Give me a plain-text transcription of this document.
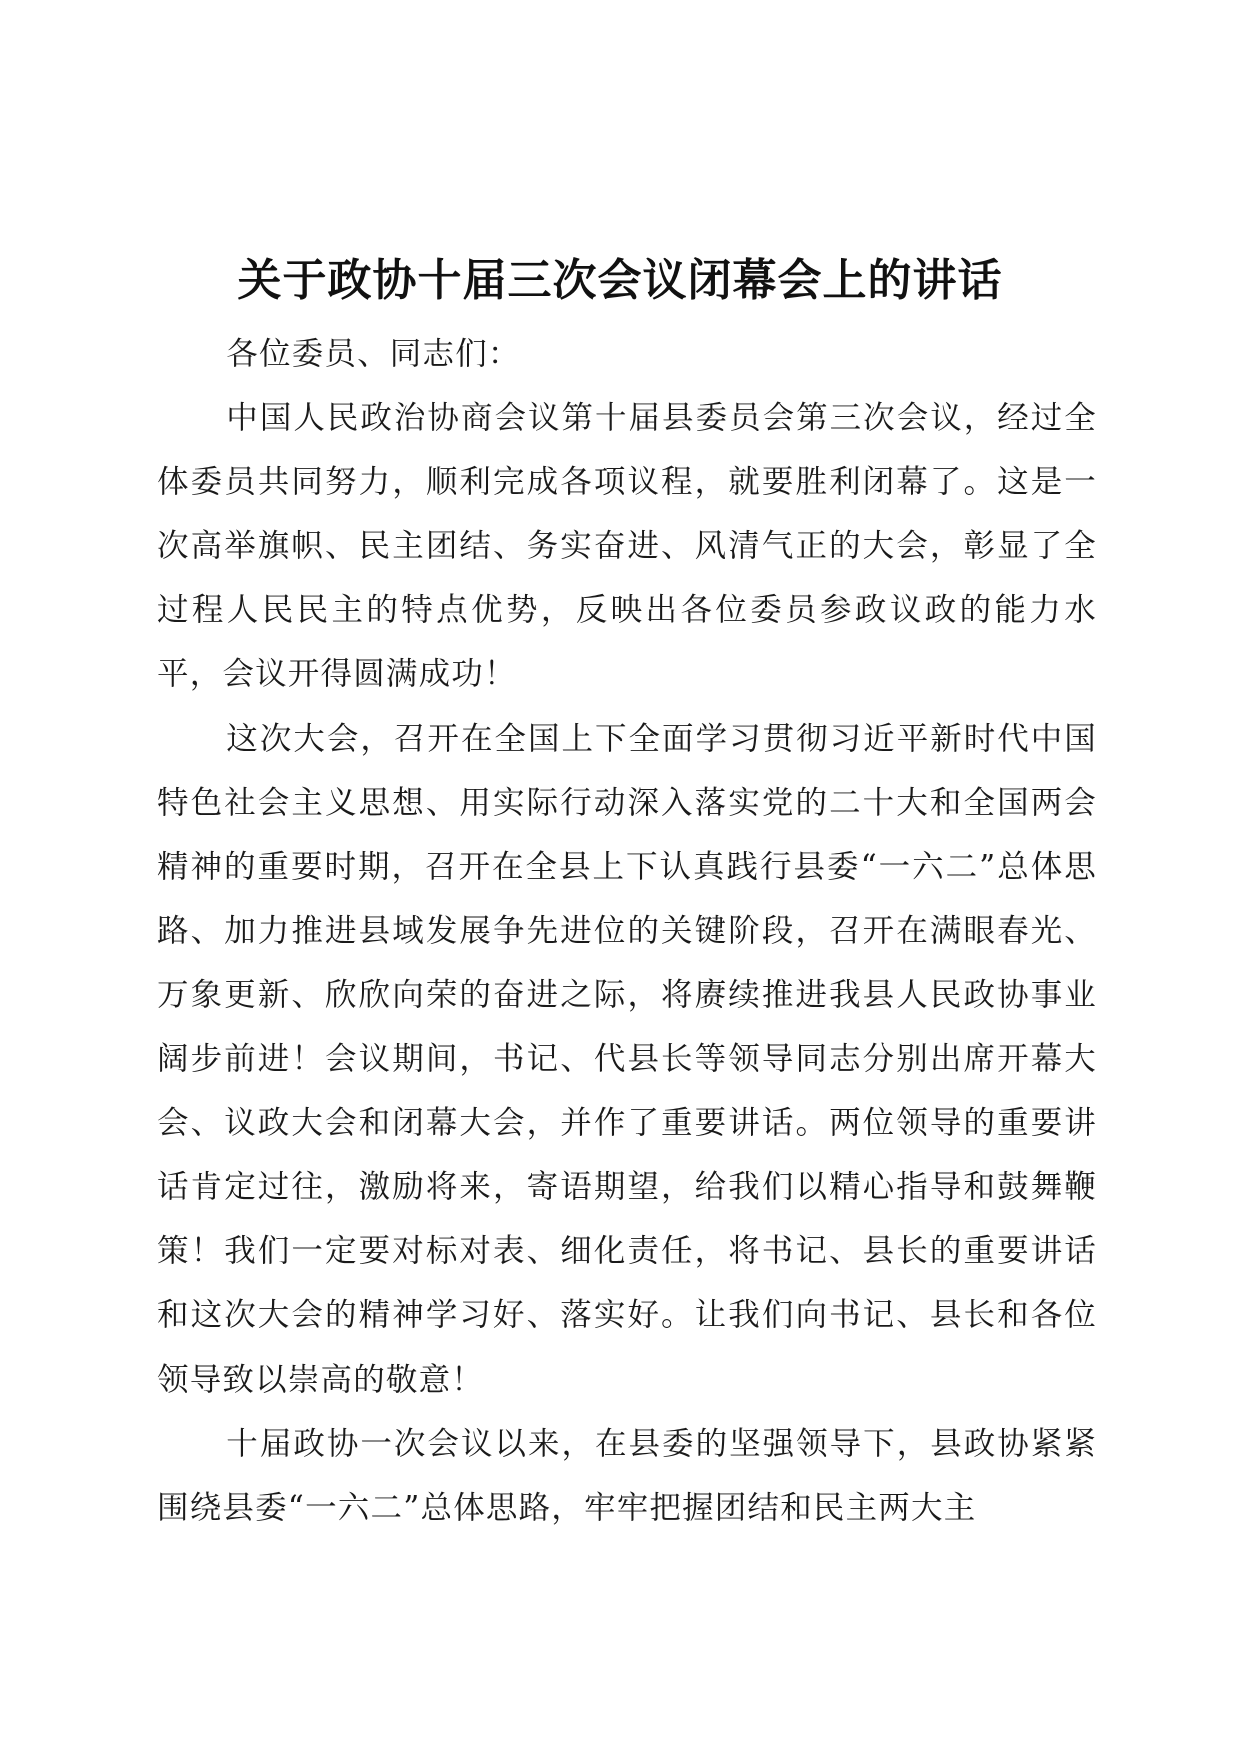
关于政协十届三次会议闭幕会上的讲话

各位委员、同志们：

中国人民政治协商会议第十届县委员会第三次会议，经过全体委员共同努力，顺利完成各项议程，就要胜利闭幕了。这是一次高举旗帜、民主团结、务实奋进、风清气正的大会，彰显了全过程人民民主的特点优势，反映出各位委员参政议政的能力水平，会议开得圆满成功！

这次大会，召开在全国上下全面学习贯彻习近平新时代中国特色社会主义思想、用实际行动深入落实党的二十大和全国两会精神的重要时期，召开在全县上下认真践行县委“一六二”总体思路、加力推进县域发展争先进位的关键阶段，召开在满眼春光、万象更新、欣欣向荣的奋进之际，将赓续推进我县人民政协事业阔步前进！会议期间，书记、代县长等领导同志分别出席开幕大会、议政大会和闭幕大会，并作了重要讲话。两位领导的重要讲话肯定过往，激励将来，寄语期望，给我们以精心指导和鼓舞鞭策！我们一定要对标对表、细化责任，将书记、县长的重要讲话和这次大会的精神学习好、落实好。让我们向书记、县长和各位领导致以崇高的敬意！

十届政协一次会议以来，在县委的坚强领导下，县政协紧紧围绕县委“一六二”总体思路，牢牢把握团结和民主两大主
